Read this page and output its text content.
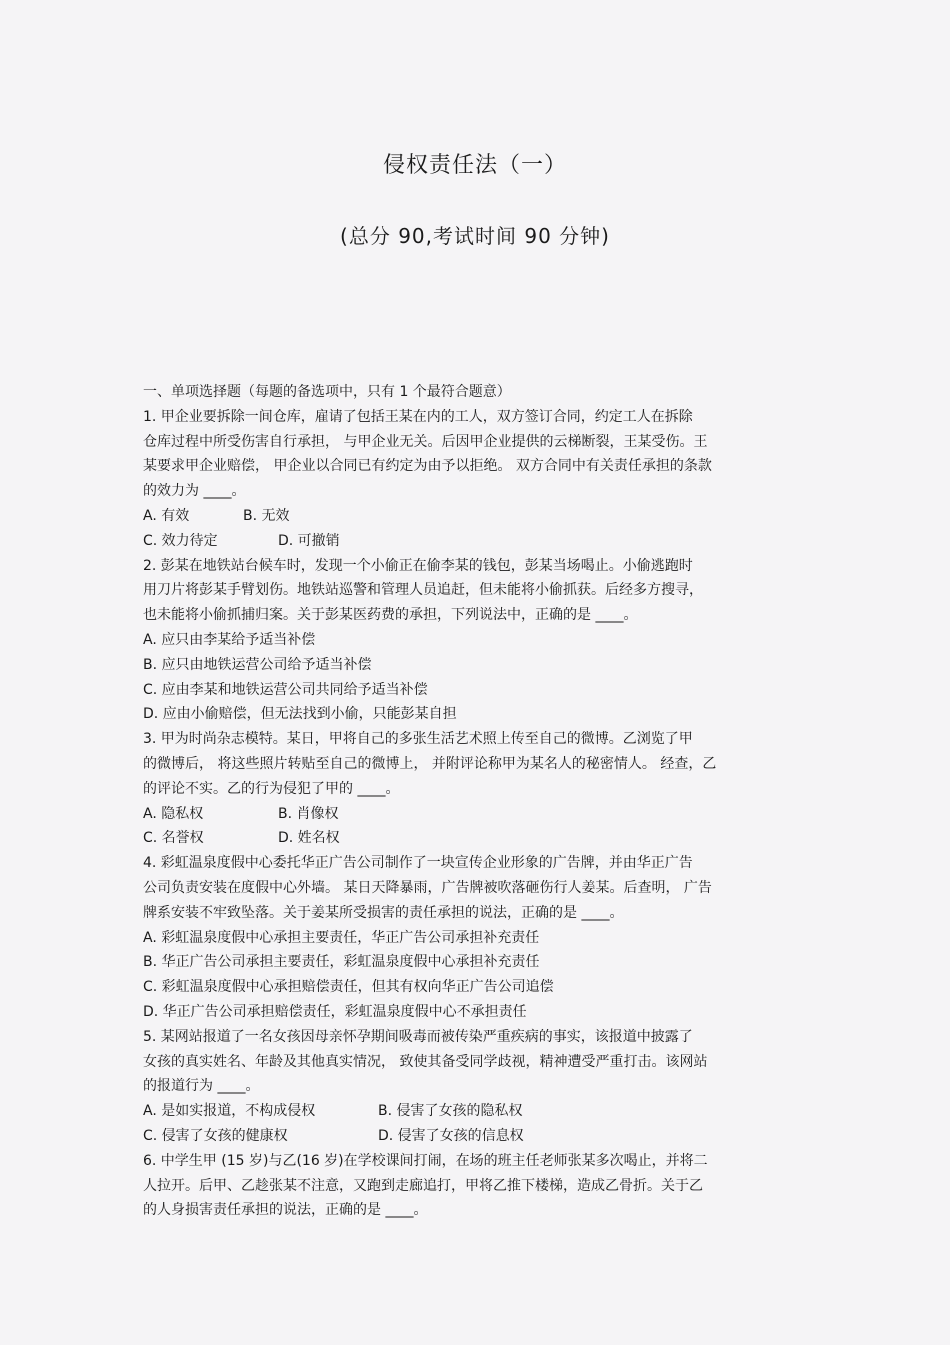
侵权责任法（一）
(总分 90,考试时间 90 分钟)
一、单项选择题（每题的备选项中，只有 1 个最符合题意）
1. 甲企业要拆除一间仓库，雇请了包括王某在内的工人，双方签订合同，约定工人在拆除
仓库过程中所受伤害自行承担， 与甲企业无关。后因甲企业提供的云梯断裂，王某受伤。王
某要求甲企业赔偿， 甲企业以合同已有约定为由予以拒绝。 双方合同中有关责任承担的条款
的效力为 ____。
A. 有效	B. 无效
C. 效力待定	D. 可撤销
2. 彭某在地铁站台候车时，发现一个小偷正在偷李某的钱包，彭某当场喝止。小偷逃跑时
用刀片将彭某手臂划伤。地铁站巡警和管理人员追赶，但未能将小偷抓获。后经多方搜寻，
也未能将小偷抓捕归案。关于彭某医药费的承担，下列说法中，正确的是 ____。
A. 应只由李某给予适当补偿
B. 应只由地铁运营公司给予适当补偿
C. 应由李某和地铁运营公司共同给予适当补偿
D. 应由小偷赔偿，但无法找到小偷，只能彭某自担
3. 甲为时尚杂志模特。某日，甲将自己的多张生活艺术照上传至自己的微博。乙浏览了甲
的微博后， 将这些照片转贴至自己的微博上， 并附评论称甲为某名人的秘密情人。 经查，乙
的评论不实。乙的行为侵犯了甲的 ____。
A. 隐私权	B. 肖像权
C. 名誉权	D. 姓名权
4. 彩虹温泉度假中心委托华正广告公司制作了一块宣传企业形象的广告牌，并由华正广告
公司负责安装在度假中心外墙。 某日天降暴雨，广告牌被吹落砸伤行人姜某。后查明， 广告
牌系安装不牢致坠落。关于姜某所受损害的责任承担的说法，正确的是 ____。
A. 彩虹温泉度假中心承担主要责任，华正广告公司承担补充责任
B. 华正广告公司承担主要责任，彩虹温泉度假中心承担补充责任
C. 彩虹温泉度假中心承担赔偿责任，但其有权向华正广告公司追偿
D. 华正广告公司承担赔偿责任，彩虹温泉度假中心不承担责任
5. 某网站报道了一名女孩因母亲怀孕期间吸毒而被传染严重疾病的事实，该报道中披露了
女孩的真实姓名、年龄及其他真实情况， 致使其备受同学歧视，精神遭受严重打击。该网站
的报道行为 ____。
A. 是如实报道，不构成侵权	B. 侵害了女孩的隐私权
C. 侵害了女孩的健康权	D. 侵害了女孩的信息权
6. 中学生甲 (15 岁)与乙(16 岁)在学校课间打闹，在场的班主任老师张某多次喝止，并将二
人拉开。后甲、乙趁张某不注意，又跑到走廊追打，甲将乙推下楼梯，造成乙骨折。关于乙
的人身损害责任承担的说法，正确的是 ____。
